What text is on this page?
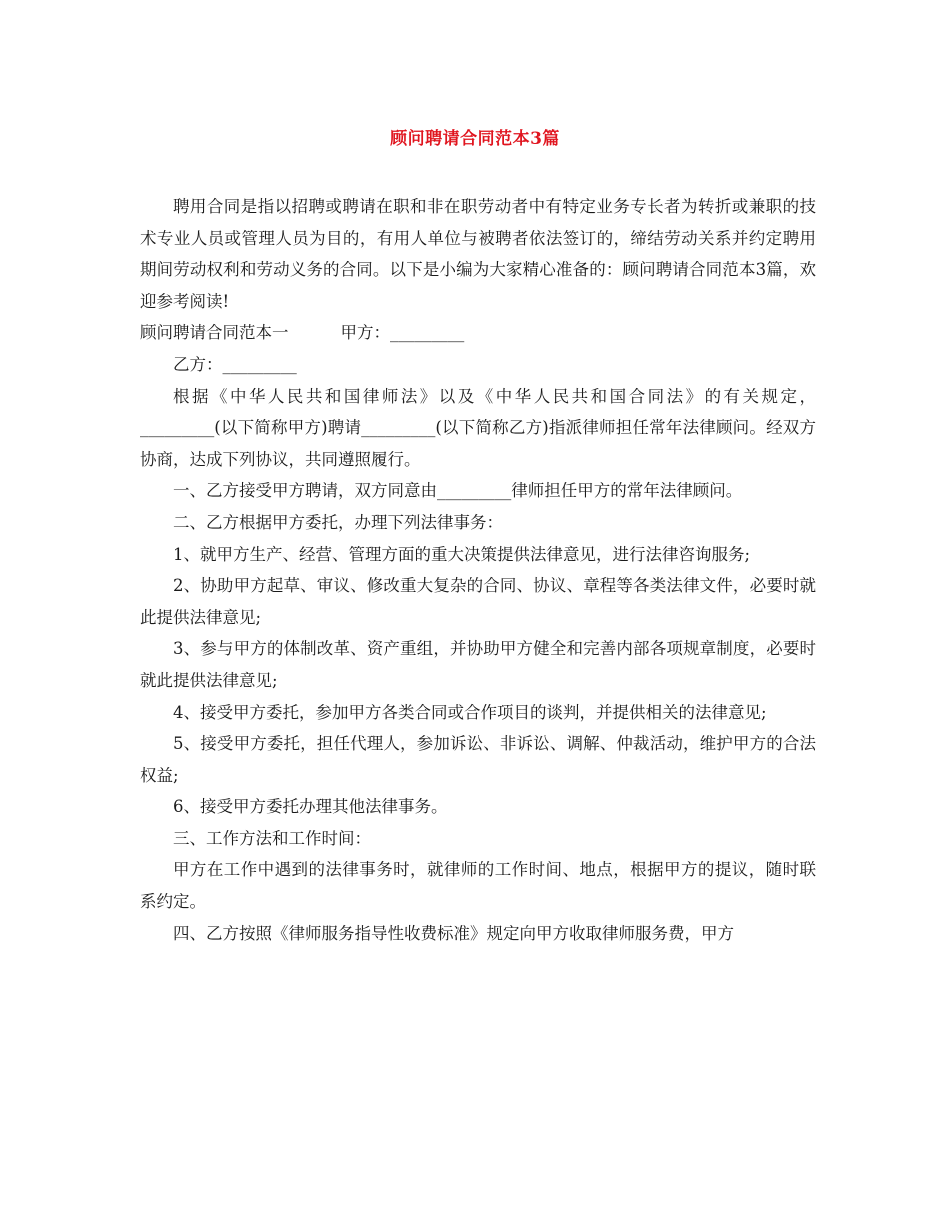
顾问聘请合同范本3篇

聘用合同是指以招聘或聘请在职和非在职劳动者中有特定业务专长者为转折或兼职的技术专业人员或管理人员为目的，有用人单位与被聘者依法签订的，缔结劳动关系并约定聘用期间劳动权利和劳动义务的合同。以下是小编为大家精心准备的：顾问聘请合同范本3篇，欢迎参考阅读!

顾问聘请合同范本一	甲方：_________

乙方：_________

根据《中华人民共和国律师法》以及《中华人民共和国合同法》的有关规定，_________(以下简称甲方)聘请_________(以下简称乙方)指派律师担任常年法律顾问。经双方协商，达成下列协议，共同遵照履行。

一、乙方接受甲方聘请，双方同意由_________律师担任甲方的常年法律顾问。

二、乙方根据甲方委托，办理下列法律事务：

1、就甲方生产、经营、管理方面的重大决策提供法律意见，进行法律咨询服务;

2、协助甲方起草、审议、修改重大复杂的合同、协议、章程等各类法律文件，必要时就此提供法律意见;

3、参与甲方的体制改革、资产重组，并协助甲方健全和完善内部各项规章制度，必要时就此提供法律意见;

4、接受甲方委托，参加甲方各类合同或合作项目的谈判，并提供相关的法律意见;

5、接受甲方委托，担任代理人，参加诉讼、非诉讼、调解、仲裁活动，维护甲方的合法权益;

6、接受甲方委托办理其他法律事务。

三、工作方法和工作时间：

甲方在工作中遇到的法律事务时，就律师的工作时间、地点，根据甲方的提议，随时联系约定。

四、乙方按照《律师服务指导性收费标准》规定向甲方收取律师服务费，甲方
